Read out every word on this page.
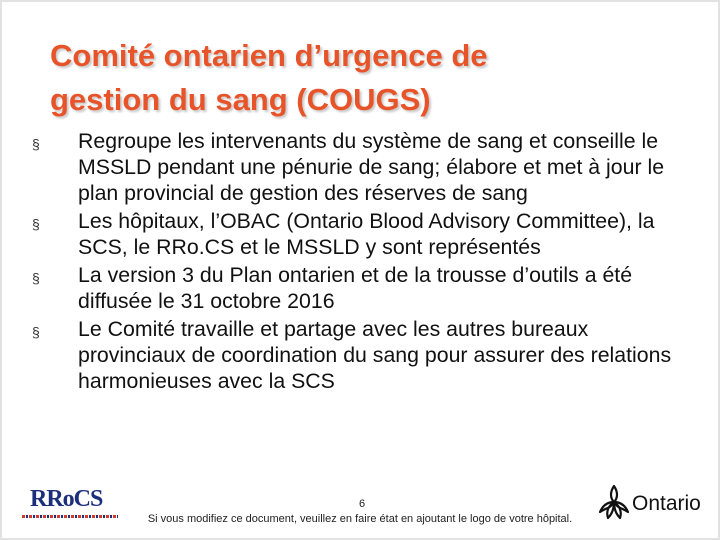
Comité ontarien d’urgence de
gestion du sang (COUGS)
§ Regroupe les intervenants du système de sang et conseille le MSSLD pendant une pénurie de sang; élabore et met à jour le plan provincial de gestion des réserves de sang
§ Les hôpitaux, l’OBAC (Ontario Blood Advisory Committee), la SCS, le RRo.CS et le MSSLD y sont représentés
§ La version 3 du Plan ontarien et de la trousse d’outils a été diffusée le 31 octobre 2016
§ Le Comité travaille et partage avec les autres bureaux provinciaux de coordination du sang pour assurer des relations harmonieuses avec la SCS
RRoCS	6
Si vous modifiez ce document, veuillez en faire état en ajoutant le logo de votre hôpital.
Ontario
